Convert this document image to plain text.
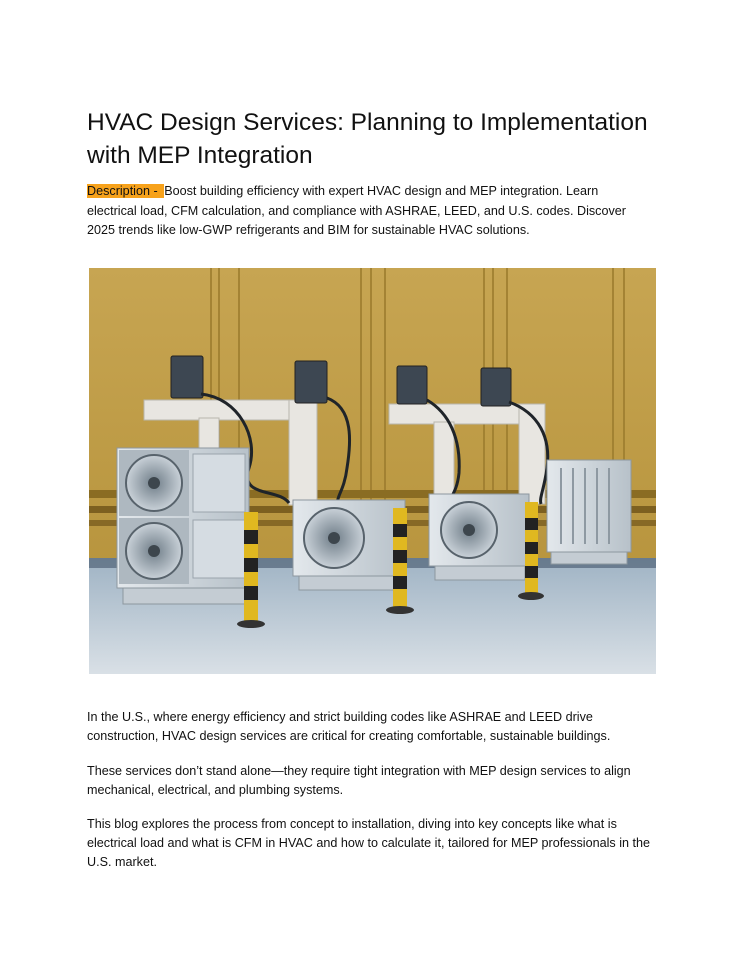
HVAC Design Services: Planning to Implementation with MEP Integration

Description - Boost building efficiency with expert HVAC design and MEP integration. Learn electrical load, CFM calculation, and compliance with ASHRAE, LEED, and U.S. codes. Discover 2025 trends like low-GWP refrigerants and BIM for sustainable HVAC solutions.

In the U.S., where energy efficiency and strict building codes like ASHRAE and LEED drive construction, HVAC design services are critical for creating comfortable, sustainable buildings.

These services don’t stand alone—they require tight integration with MEP design services to align mechanical, electrical, and plumbing systems.

This blog explores the process from concept to installation, diving into key concepts like what is electrical load and what is CFM in HVAC and how to calculate it, tailored for MEP professionals in the U.S. market.
